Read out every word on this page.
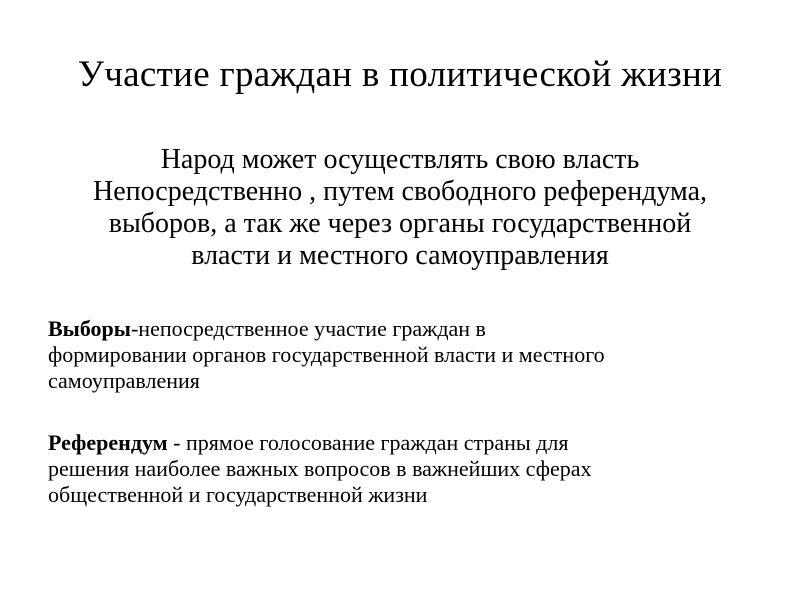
Участие граждан в политической жизни
Народ может осуществлять свою власть
Непосредственно , путем свободного референдума,
выборов, а так же через органы государственной
власти и местного самоуправления
Выборы-непосредственное участие граждан в
формировании органов государственной власти и местного
самоуправления
Референдум - прямое голосование граждан страны для
решения наиболее важных вопросов в важнейших сферах
общественной и государственной жизни
